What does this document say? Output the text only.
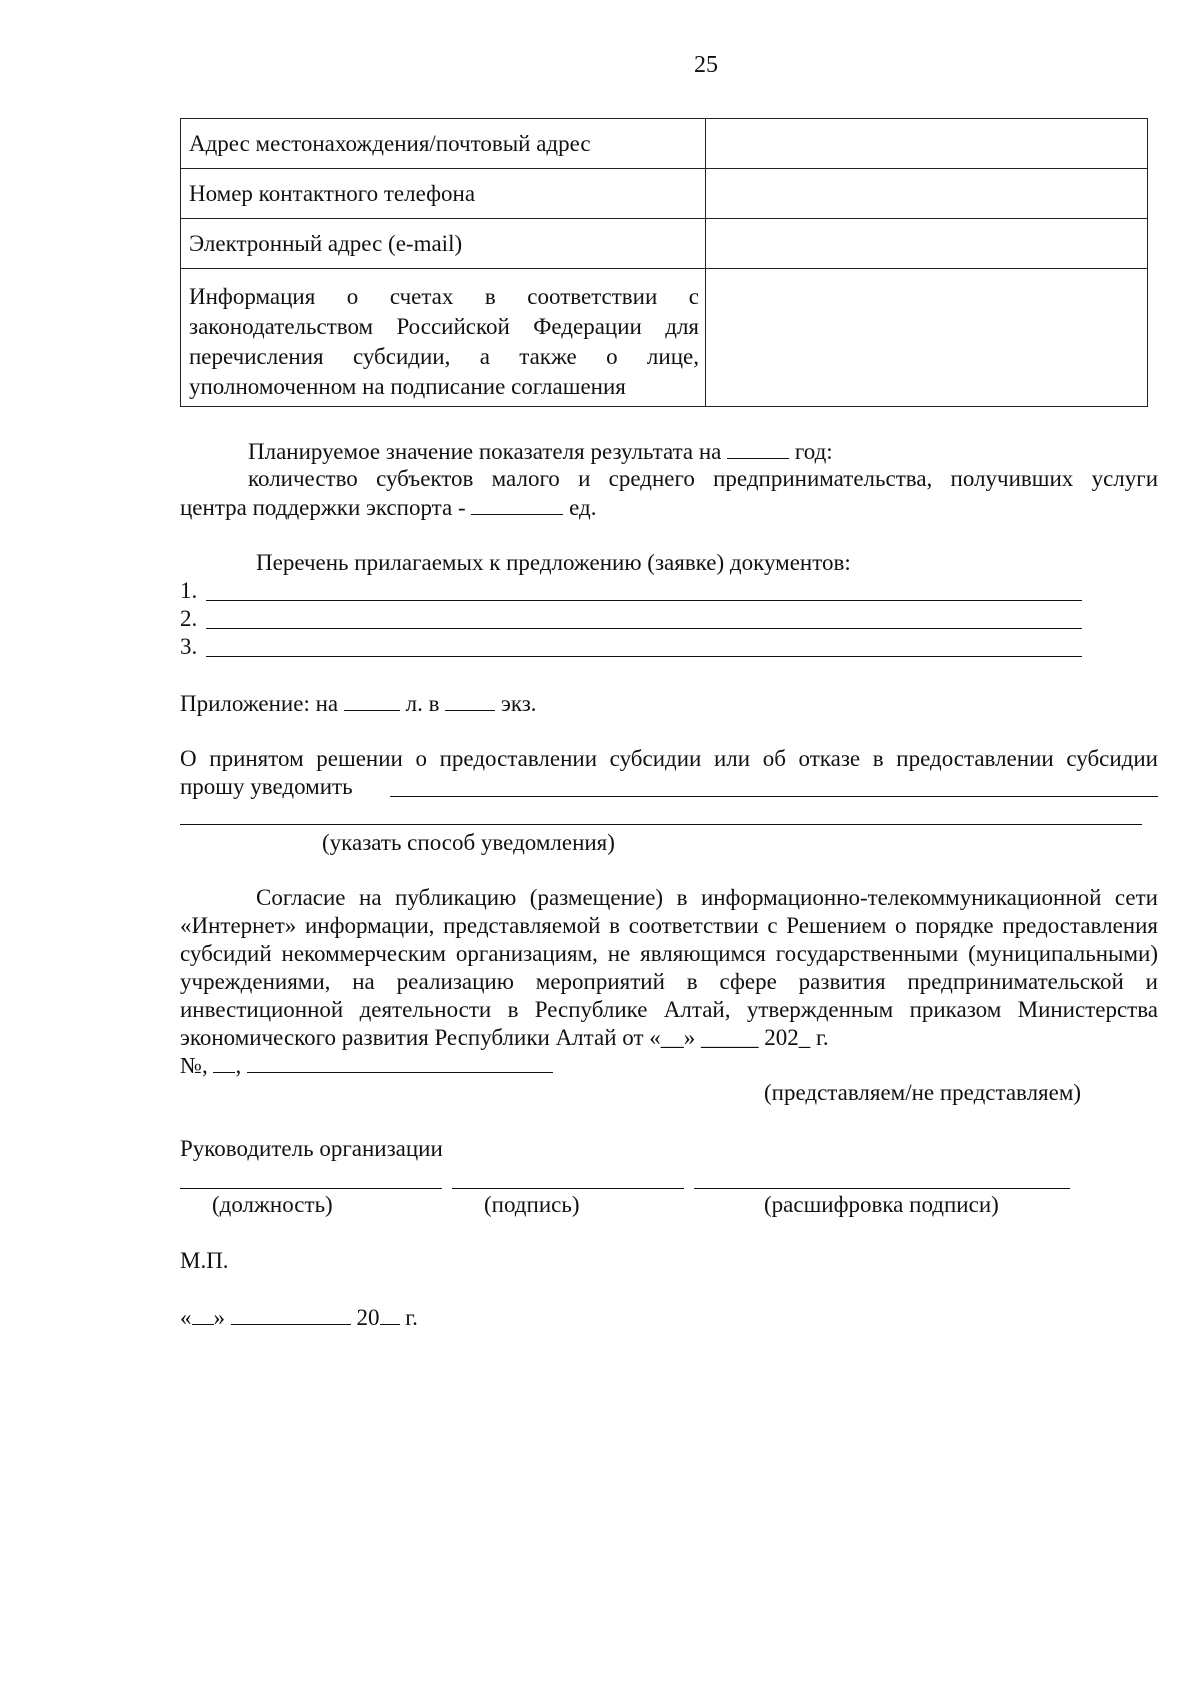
25
Адрес местонахождения/почтовый адрес	
Номер контактного телефона	
Электронный адрес (e-mail)	
Информация о счетах в соответствии с законодательством Российской Федерации для перечисления субсидии, а также о лице, уполномоченном на подписание соглашения	
Планируемое значение показателя результата на	год:
количество субъектов малого и среднего предпринимательства, получивших услуги
центра поддержки экспорта -	ед.
Перечень прилагаемых к предложению (заявке) документов:
1.
2.
3.
Приложение: на	л. в	экз.
О принятом решении о предоставлении субсидии или об отказе в предоставлении субсидии
прошу уведомить
(указать способ уведомления)
Согласие на публикацию (размещение) в информационно-телекоммуникационной сети «Интернет» информации, представляемой в соответствии с Решением о порядке предоставления субсидий некоммерческим организациям, не являющимся государственными (муниципальными) учреждениями, на реализацию мероприятий в сфере развития предпринимательской и инвестиционной деятельности в Республике Алтай, утвержденным приказом Министерства экономического развития Республики Алтай от «__» _____ 202_ г.
№, ,
(представляем/не представляем)
Руководитель организации
(должность)	(подпись)	(расшифровка подписи)
М.П.
« »	20 г.
